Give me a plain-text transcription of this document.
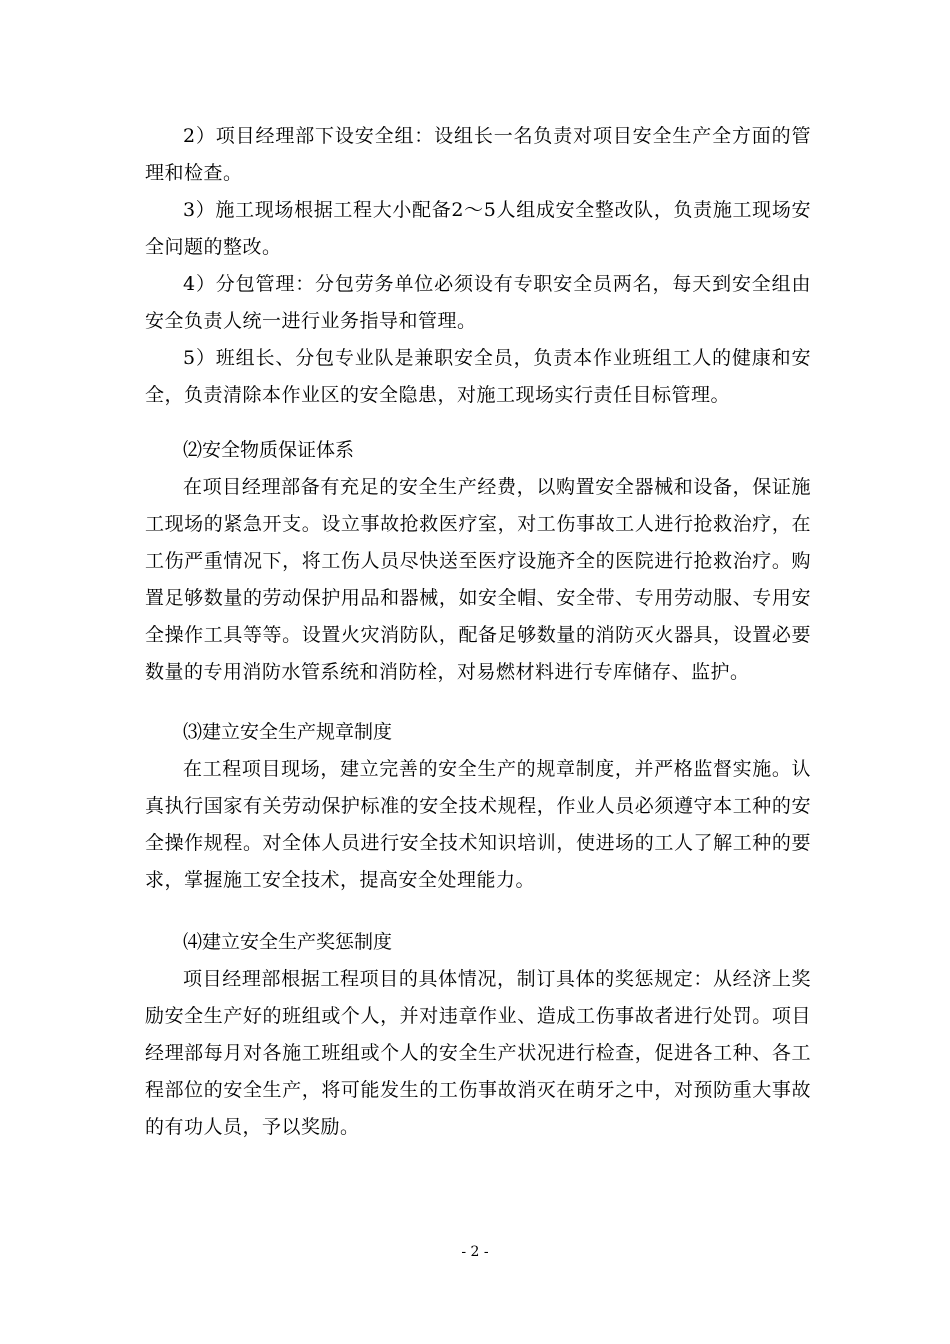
2）项目经理部下设安全组：设组长一名负责对项目安全生产全方面的管理和检查。

3）施工现场根据工程大小配备2～5人组成安全整改队，负责施工现场安全问题的整改。

4）分包管理：分包劳务单位必须设有专职安全员两名，每天到安全组由安全负责人统一进行业务指导和管理。

5）班组长、分包专业队是兼职安全员，负责本作业班组工人的健康和安全，负责清除本作业区的安全隐患，对施工现场实行责任目标管理。

⑵安全物质保证体系

在项目经理部备有充足的安全生产经费，以购置安全器械和设备，保证施工现场的紧急开支。设立事故抢救医疗室，对工伤事故工人进行抢救治疗，在工伤严重情况下，将工伤人员尽快送至医疗设施齐全的医院进行抢救治疗。购置足够数量的劳动保护用品和器械，如安全帽、安全带、专用劳动服、专用安全操作工具等等。设置火灾消防队，配备足够数量的消防灭火器具，设置必要数量的专用消防水管系统和消防栓，对易燃材料进行专库储存、监护。

⑶建立安全生产规章制度

在工程项目现场，建立完善的安全生产的规章制度，并严格监督实施。认真执行国家有关劳动保护标准的安全技术规程，作业人员必须遵守本工种的安全操作规程。对全体人员进行安全技术知识培训，使进场的工人了解工种的要求，掌握施工安全技术，提高安全处理能力。

⑷建立安全生产奖惩制度

项目经理部根据工程项目的具体情况，制订具体的奖惩规定：从经济上奖励安全生产好的班组或个人，并对违章作业、造成工伤事故者进行处罚。项目经理部每月对各施工班组或个人的安全生产状况进行检查，促进各工种、各工程部位的安全生产，将可能发生的工伤事故消灭在萌牙之中，对预防重大事故的有功人员，予以奖励。

- 2 -
